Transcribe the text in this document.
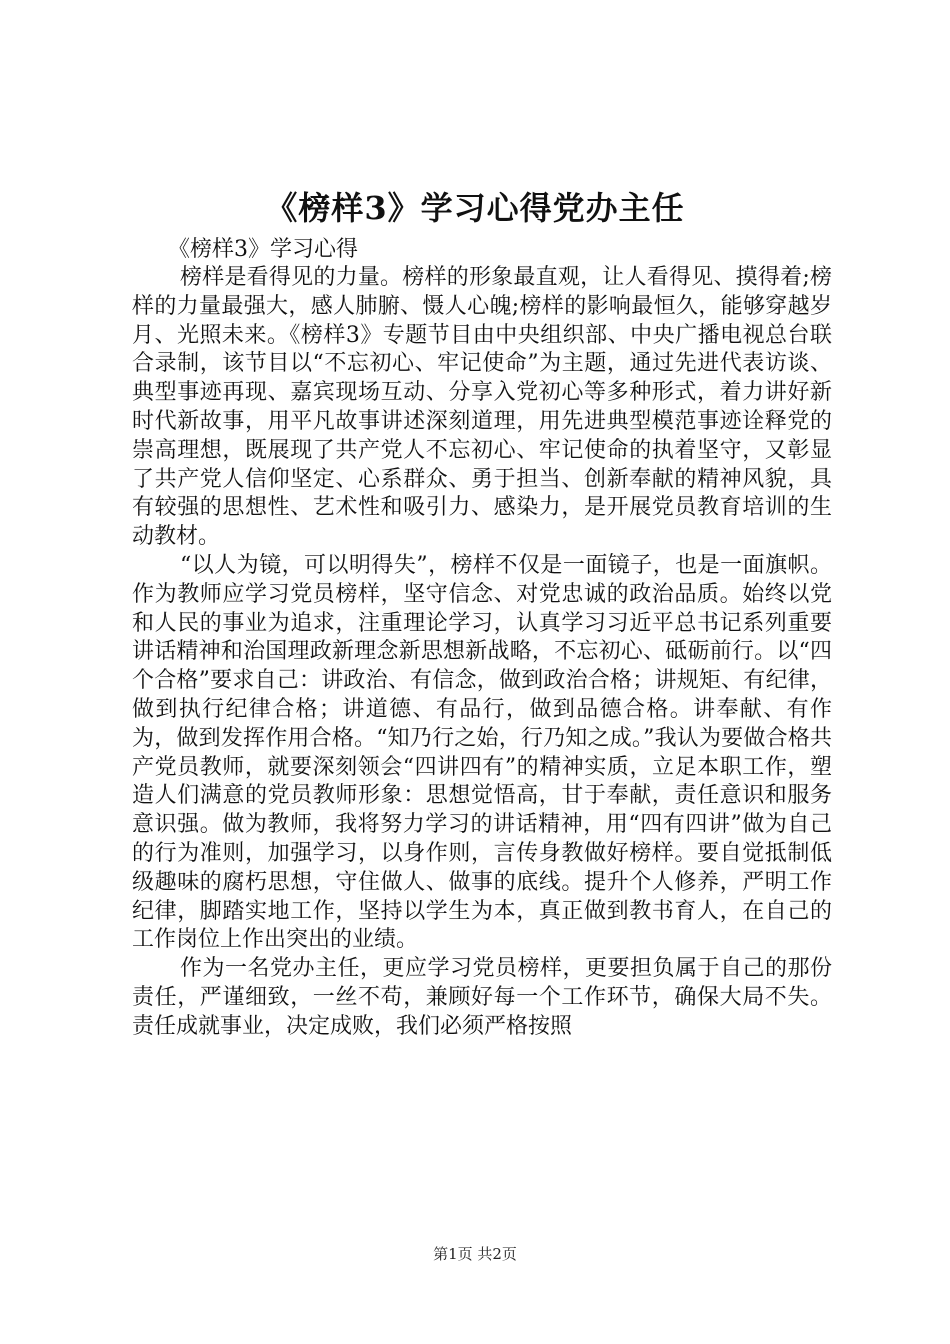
《榜样3》学习心得党办主任

《榜样3》学习心得

榜样是看得见的力量。榜样的形象最直观，让人看得见、摸得着;榜样的力量最强大，感人肺腑、慑人心魄;榜样的影响最恒久，能够穿越岁月、光照未来。《榜样3》专题节目由中央组织部、中央广播电视总台联合录制，该节目以“不忘初心、牢记使命”为主题，通过先进代表访谈、典型事迹再现、嘉宾现场互动、分享入党初心等多种形式，着力讲好新时代新故事，用平凡故事讲述深刻道理，用先进典型模范事迹诠释党的崇高理想，既展现了共产党人不忘初心、牢记使命的执着坚守，又彰显了共产党人信仰坚定、心系群众、勇于担当、创新奉献的精神风貌，具有较强的思想性、艺术性和吸引力、感染力，是开展党员教育培训的生动教材。

“以人为镜，可以明得失”，榜样不仅是一面镜子，也是一面旗帜。作为教师应学习党员榜样，坚守信念、对党忠诚的政治品质。始终以党和人民的事业为追求，注重理论学习，认真学习习近平总书记系列重要讲话精神和治国理政新理念新思想新战略，不忘初心、砥砺前行。以“四个合格”要求自己：讲政治、有信念，做到政治合格；讲规矩、有纪律，做到执行纪律合格；讲道德、有品行，做到品德合格。讲奉献、有作为，做到发挥作用合格。“知乃行之始，行乃知之成。”我认为要做合格共产党员教师，就要深刻领会“四讲四有”的精神实质，立足本职工作，塑造人们满意的党员教师形象：思想觉悟高，甘于奉献，责任意识和服务意识强。做为教师，我将努力学习的讲话精神，用“四有四讲”做为自己的行为准则，加强学习，以身作则，言传身教做好榜样。要自觉抵制低级趣味的腐朽思想，守住做人、做事的底线。提升个人修养，严明工作纪律，脚踏实地工作，坚持以学生为本，真正做到教书育人，在自己的工作岗位上作出突出的业绩。

作为一名党办主任，更应学习党员榜样，更要担负属于自己的那份责任，严谨细致，一丝不苟，兼顾好每一个工作环节，确保大局不失。责任成就事业，决定成败，我们必须严格按照

第1页 共2页
